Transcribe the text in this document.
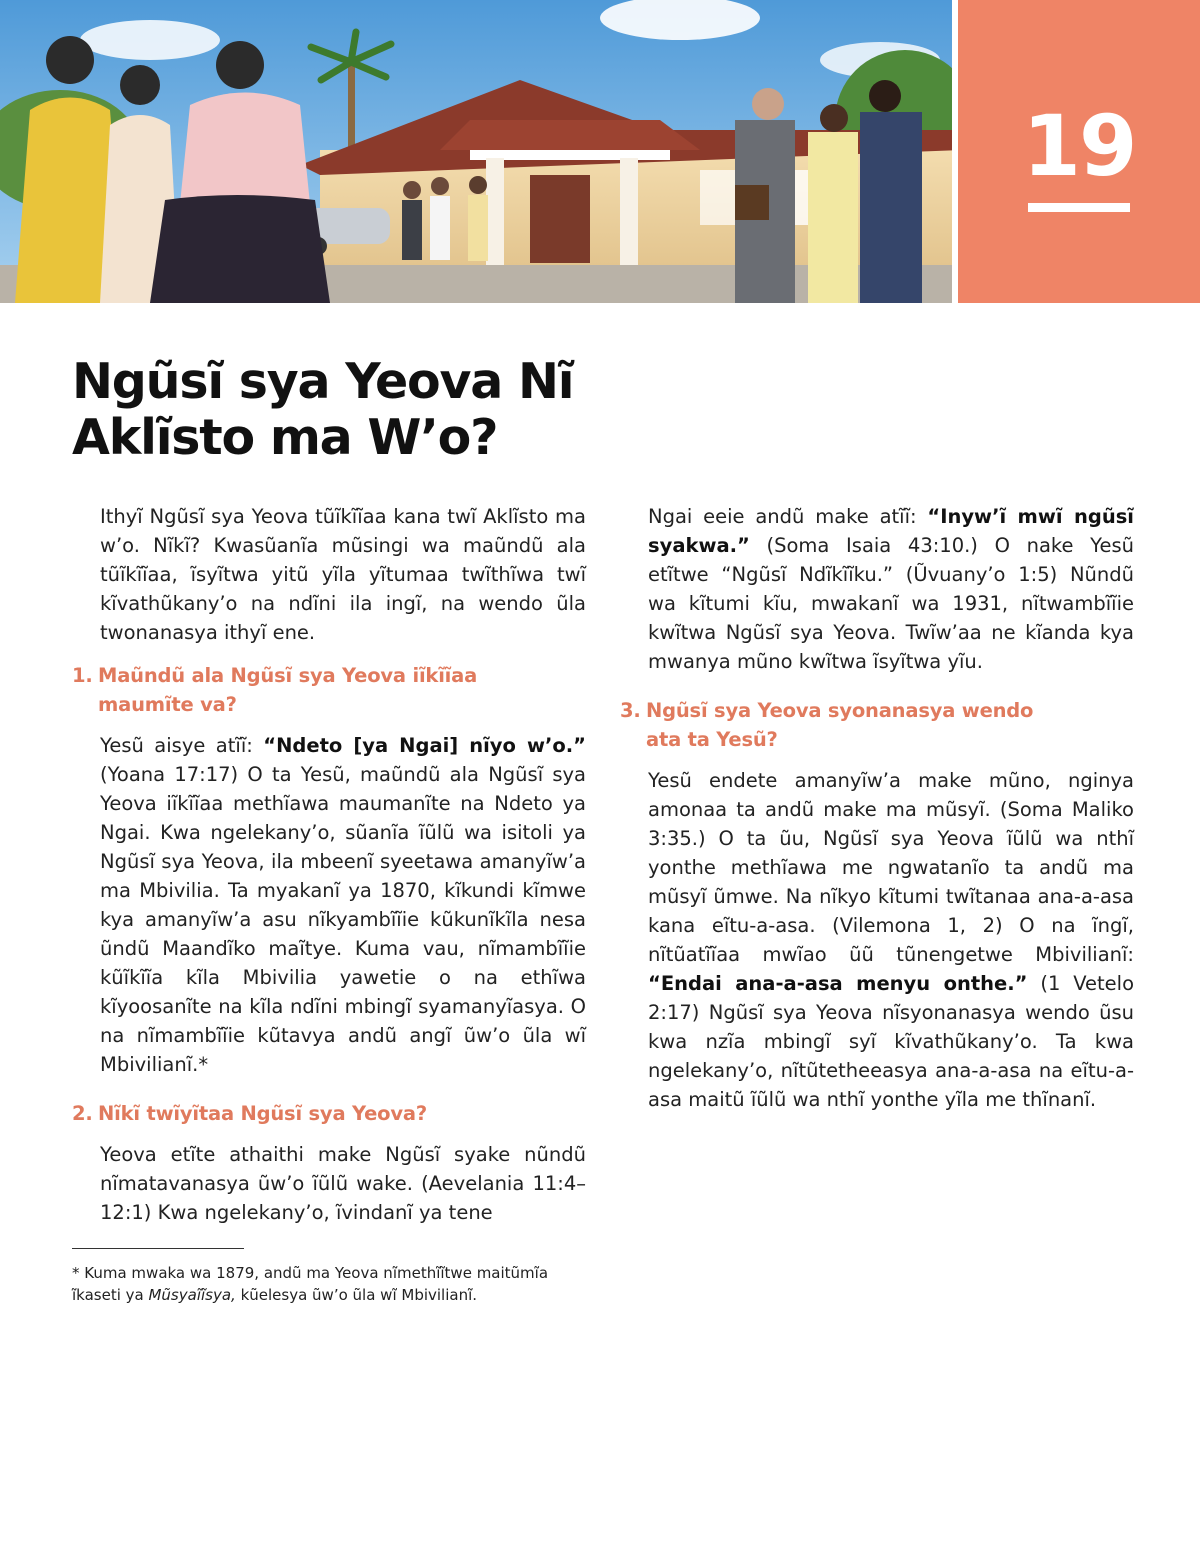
19
Ngũsĩ sya Yeova Nĩ
Aklĩsto ma W’o?

Ithyĩ Ngũsĩ sya Yeova tũĩkĩĩaa kana twĩ Aklĩsto ma w’o. Nĩkĩ? Kwasũanĩa mũsingi wa maũndũ ala tũĩkĩĩaa, ĩsyĩtwa yitũ yĩla yĩtumaa twĩthĩwa twĩ kĩvathũkany’o na ndĩni ila ingĩ, na wendo ũla twonanasya ithyĩ ene.

1. Maũndũ ala Ngũsĩ sya Yeova iĩkĩĩaa
maumĩte va?

Yesũ aisye atĩĩ: “Ndeto [ya Ngai] nĩyo w’o.” (Yoana 17:17) O ta Yesũ, maũndũ ala Ngũsĩ sya Yeova iĩkĩĩaa methĩawa maumanĩte na Ndeto ya Ngai. Kwa ngelekany’o, sũanĩa ĩũlũ wa isitoli ya Ngũsĩ sya Yeova, ila mbeenĩ syeetawa amanyĩw’a ma Mbivilia. Ta myakanĩ ya 1870, kĩkundi kĩmwe kya amanyĩw’a asu nĩkyambĩĩie kũkunĩkĩla nesa ũndũ Maandĩko maĩtye. Kuma vau, nĩmambĩĩie kũĩkĩĩa kĩla Mbivilia yawetie o na ethĩwa kĩyoosanĩte na kĩla ndĩni mbingĩ syamanyĩasya. O na nĩmambĩĩie kũtavya andũ angĩ ũw’o ũla wĩ Mbivilianĩ.*

2. Nĩkĩ twĩyĩtaa Ngũsĩ sya Yeova?

Yeova etĩte athaithi make Ngũsĩ syake nũndũ nĩmatavanasya ũw’o ĩũlũ wake. (Aevelania 11:4–12:1) Kwa ngelekany’o, ĩvindanĩ ya tene

Ngai eeie andũ make atĩĩ: “Inyw’ĩ mwĩ ngũsĩ syakwa.” (Soma Isaia 43:10.) O nake Yesũ etĩtwe “Ngũsĩ Ndĩkĩĩku.” (Ũvuany’o 1:5) Nũndũ wa kĩtumi kĩu, mwakanĩ wa 1931, nĩtwambĩĩie kwĩtwa Ngũsĩ sya Yeova. Twĩw’aa ne kĩanda kya mwanya mũno kwĩtwa ĩsyĩtwa yĩu.

3. Ngũsĩ sya Yeova syonanasya wendo
ata ta Yesũ?

Yesũ endete amanyĩw’a make mũno, nginya amonaa ta andũ make ma mũsyĩ. (Soma Maliko 3:35.) O ta ũu, Ngũsĩ sya Yeova ĩũlũ wa nthĩ yonthe methĩawa me ngwatanĩo ta andũ ma mũsyĩ ũmwe. Na nĩkyo kĩtumi twĩtanaa ana-a-asa kana eĩtu-a-asa. (Vilemona 1, 2) O na ĩngĩ, nĩtũatĩĩaa mwĩao ũũ tũnengetwe Mbivilianĩ: “Endai ana-a-asa menyu onthe.” (1 Vetelo 2:17) Ngũsĩ sya Yeova nĩsyonanasya wendo ũsu kwa nzĩa mbingĩ syĩ kĩvathũkany’o. Ta kwa ngelekany’o, nĩtũtetheeasya ana-a-asa na eĩtu-a-asa maitũ ĩũlũ wa nthĩ yonthe yĩla me thĩnanĩ.

* Kuma mwaka wa 1879, andũ ma Yeova nĩmethĩĩtwe maitũmĩa ĩkaseti ya Mũsyaĩĩsya, kũelesya ũw’o ũla wĩ Mbivilianĩ.
